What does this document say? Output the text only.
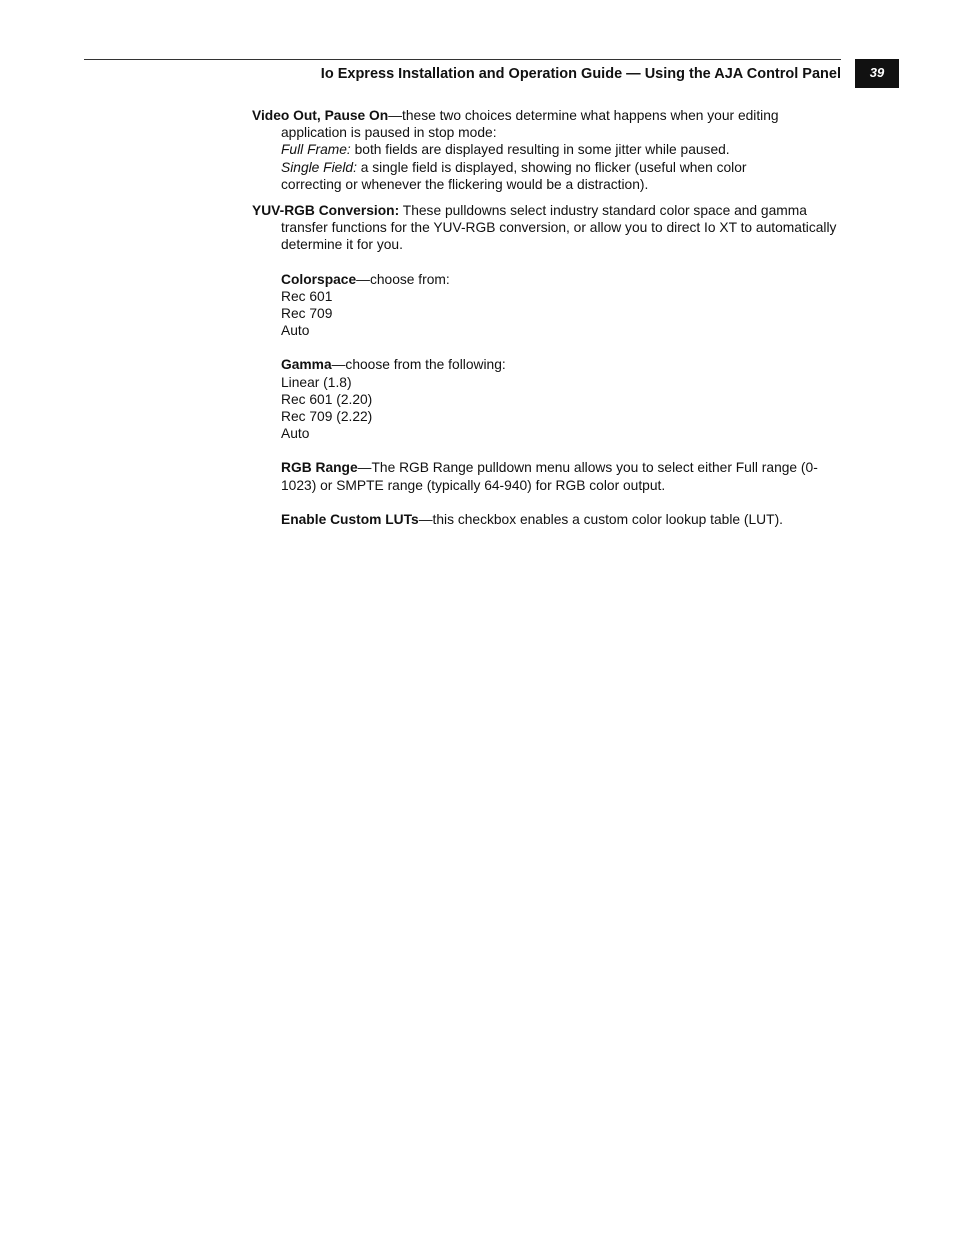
Io Express Installation and Operation Guide — Using the AJA Control Panel	39
Video Out, Pause On—these two choices determine what happens when your editing
application is paused in stop mode:
Full Frame: both fields are displayed resulting in some jitter while paused.
Single Field: a single field is displayed, showing no flicker (useful when color
correcting or whenever the flickering would be a distraction).
YUV-RGB Conversion: These pulldowns select industry standard color space and gamma
transfer functions for the YUV-RGB conversion, or allow you to direct Io XT to automatically
determine it for you.
Colorspace—choose from:
Rec 601
Rec 709
Auto
Gamma—choose from the following:
Linear (1.8)
Rec 601 (2.20)
Rec 709 (2.22)
Auto
RGB Range—The RGB Range pulldown menu allows you to select either Full range (0-
1023) or SMPTE range (typically 64-940) for RGB color output.
Enable Custom LUTs—this checkbox enables a custom color lookup table (LUT).
